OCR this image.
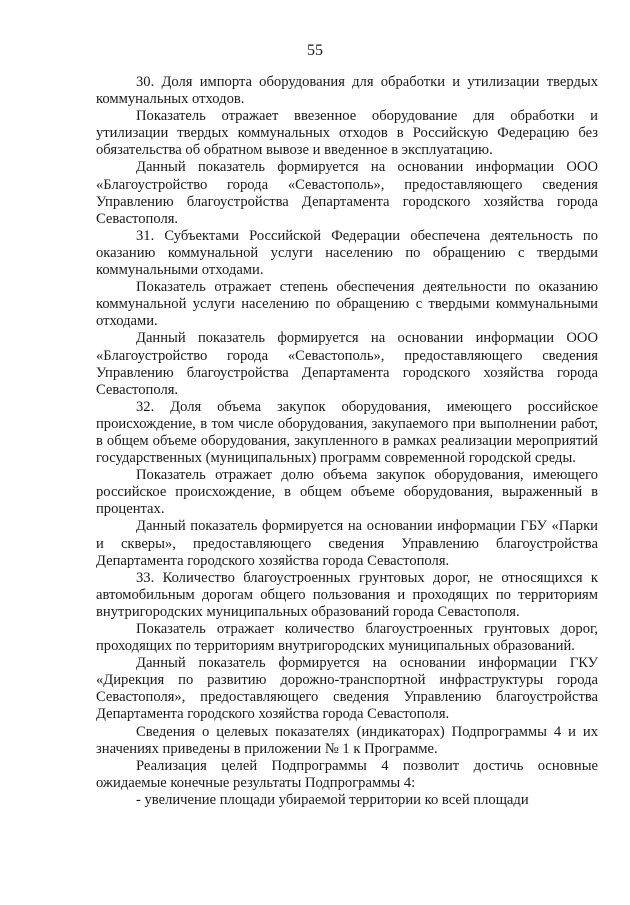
55

30. Доля импорта оборудования для обработки и утилизации твердых коммунальных отходов.

Показатель отражает ввезенное оборудование для обработки и утилизации твердых коммунальных отходов в Российскую Федерацию без обязательства об обратном вывозе и введенное в эксплуатацию.

Данный показатель формируется на основании информации ООО «Благоустройство города «Севастополь», предоставляющего сведения Управлению благоустройства Департамента городского хозяйства города Севастополя.

31. Субъектами Российской Федерации обеспечена деятельность по оказанию коммунальной услуги населению по обращению с твердыми коммунальными отходами.

Показатель отражает степень обеспечения деятельности по оказанию коммунальной услуги населению по обращению с твердыми коммунальными отходами.

Данный показатель формируется на основании информации ООО «Благоустройство города «Севастополь», предоставляющего сведения Управлению благоустройства Департамента городского хозяйства города Севастополя.

32. Доля объема закупок оборудования, имеющего российское происхождение, в том числе оборудования, закупаемого при выполнении работ, в общем объеме оборудования, закупленного в рамках реализации мероприятий государственных (муниципальных) программ современной городской среды.

Показатель отражает долю объема закупок оборудования, имеющего российское происхождение, в общем объеме оборудования, выраженный в процентах.

Данный показатель формируется на основании информации ГБУ «Парки и скверы», предоставляющего сведения Управлению благоустройства Департамента городского хозяйства города Севастополя.

33. Количество благоустроенных грунтовых дорог, не относящихся к автомобильным дорогам общего пользования и проходящих по территориям внутригородских муниципальных образований города Севастополя.

Показатель отражает количество благоустроенных грунтовых дорог, проходящих по территориям внутригородских муниципальных образований.

Данный показатель формируется на основании информации ГКУ «Дирекция по развитию дорожно-транспортной инфраструктуры города Севастополя», предоставляющего сведения Управлению благоустройства Департамента городского хозяйства города Севастополя.

Сведения о целевых показателях (индикаторах) Подпрограммы 4 и их значениях приведены в приложении № 1 к Программе.

Реализация целей Подпрограммы 4 позволит достичь основные ожидаемые конечные результаты Подпрограммы 4:

- увеличение площади убираемой территории ко всей площади
